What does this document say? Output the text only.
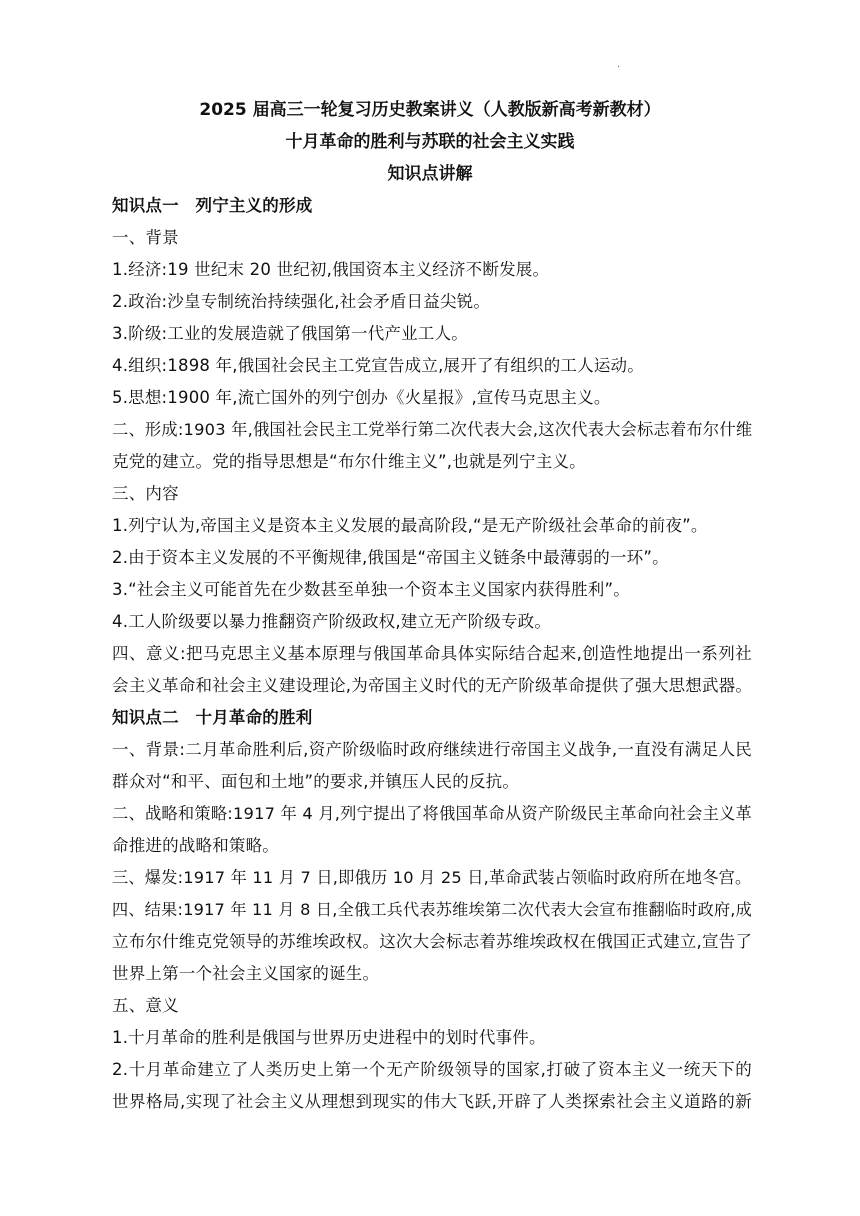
·
2025 届高三一轮复习历史教案讲义（人教版新高考新教材）
十月革命的胜利与苏联的社会主义实践
知识点讲解
知识点一　列宁主义的形成
一、背景
1.经济:19 世纪末 20 世纪初,俄国资本主义经济不断发展。
2.政治:沙皇专制统治持续强化,社会矛盾日益尖锐。
3.阶级:工业的发展造就了俄国第一代产业工人。
4.组织:1898 年,俄国社会民主工党宣告成立,展开了有组织的工人运动。
5.思想:1900 年,流亡国外的列宁创办《火星报》,宣传马克思主义。
二、形成:1903 年,俄国社会民主工党举行第二次代表大会,这次代表大会标志着布尔什维
克党的建立。党的指导思想是“布尔什维主义”,也就是列宁主义。
三、内容
1.列宁认为,帝国主义是资本主义发展的最高阶段,“是无产阶级社会革命的前夜”。
2.由于资本主义发展的不平衡规律,俄国是“帝国主义链条中最薄弱的一环”。
3.“社会主义可能首先在少数甚至单独一个资本主义国家内获得胜利”。
4.工人阶级要以暴力推翻资产阶级政权,建立无产阶级专政。
四、意义:把马克思主义基本原理与俄国革命具体实际结合起来,创造性地提出一系列社
会主义革命和社会主义建设理论,为帝国主义时代的无产阶级革命提供了强大思想武器。
知识点二　十月革命的胜利
一、背景:二月革命胜利后,资产阶级临时政府继续进行帝国主义战争,一直没有满足人民
群众对“和平、面包和土地”的要求,并镇压人民的反抗。
二、战略和策略:1917 年 4 月,列宁提出了将俄国革命从资产阶级民主革命向社会主义革
命推进的战略和策略。
三、爆发:1917 年 11 月 7 日,即俄历 10 月 25 日,革命武装占领临时政府所在地冬宫。
四、结果:1917 年 11 月 8 日,全俄工兵代表苏维埃第二次代表大会宣布推翻临时政府,成
立布尔什维克党领导的苏维埃政权。这次大会标志着苏维埃政权在俄国正式建立,宣告了
世界上第一个社会主义国家的诞生。
五、意义
1.十月革命的胜利是俄国与世界历史进程中的划时代事件。
2.十月革命建立了人类历史上第一个无产阶级领导的国家,打破了资本主义一统天下的
世界格局,实现了社会主义从理想到现实的伟大飞跃,开辟了人类探索社会主义道路的新
